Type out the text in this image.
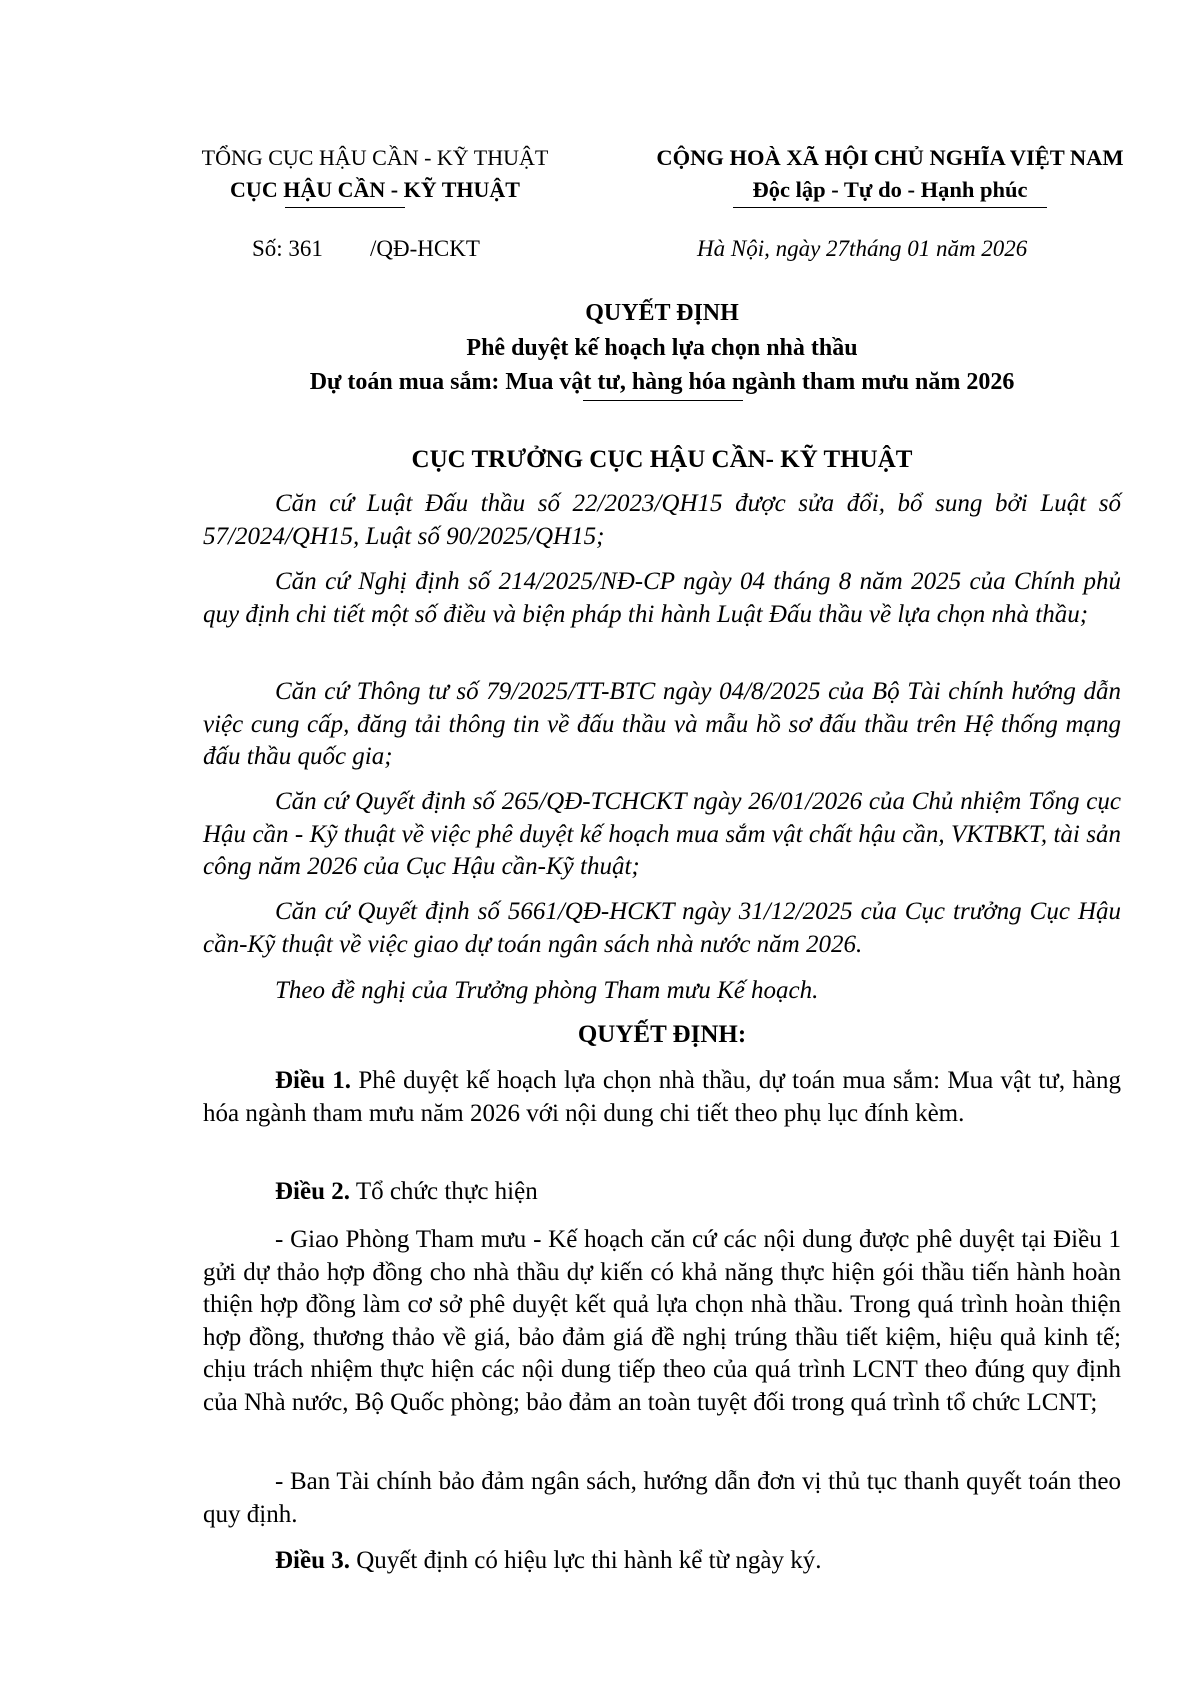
TỔNG CỤC HẬU CẦN - KỸ THUẬT
CỤC HẬU CẦN - KỸ THUẬT
CỘNG HOÀ XÃ HỘI CHỦ NGHĨA VIỆT NAM
Độc lập - Tự do - Hạnh phúc
Số: 361 /QĐ-HCKT	Hà Nội, ngày 27tháng 01 năm 2026
QUYẾT ĐỊNH
Phê duyệt kế hoạch lựa chọn nhà thầu
Dự toán mua sắm: Mua vật tư, hàng hóa ngành tham mưu năm 2026
CỤC TRƯỞNG CỤC HẬU CẦN- KỸ THUẬT
Căn cứ Luật Đấu thầu số 22/2023/QH15 được sửa đổi, bổ sung bởi Luật số 57/2024/QH15, Luật số 90/2025/QH15;
Căn cứ Nghị định số 214/2025/NĐ-CP ngày 04 tháng 8 năm 2025 của Chính phủ quy định chi tiết một số điều và biện pháp thi hành Luật Đấu thầu về lựa chọn nhà thầu;
Căn cứ Thông tư số 79/2025/TT-BTC ngày 04/8/2025 của Bộ Tài chính hướng dẫn việc cung cấp, đăng tải thông tin về đấu thầu và mẫu hồ sơ đấu thầu trên Hệ thống mạng đấu thầu quốc gia;
Căn cứ Quyết định số 265/QĐ-TCHCKT ngày 26/01/2026 của Chủ nhiệm Tổng cục Hậu cần - Kỹ thuật về việc phê duyệt kế hoạch mua sắm vật chất hậu cần, VKTBKT, tài sản công năm 2026 của Cục Hậu cần-Kỹ thuật;
Căn cứ Quyết định số 5661/QĐ-HCKT ngày 31/12/2025 của Cục trưởng Cục Hậu cần-Kỹ thuật về việc giao dự toán ngân sách nhà nước năm 2026.
Theo đề nghị của Trưởng phòng Tham mưu Kế hoạch.
QUYẾT ĐỊNH:
Điều 1. Phê duyệt kế hoạch lựa chọn nhà thầu, dự toán mua sắm: Mua vật tư, hàng hóa ngành tham mưu năm 2026 với nội dung chi tiết theo phụ lục đính kèm.
Điều 2. Tổ chức thực hiện
- Giao Phòng Tham mưu - Kế hoạch căn cứ các nội dung được phê duyệt tại Điều 1 gửi dự thảo hợp đồng cho nhà thầu dự kiến có khả năng thực hiện gói thầu tiến hành hoàn thiện hợp đồng làm cơ sở phê duyệt kết quả lựa chọn nhà thầu. Trong quá trình hoàn thiện hợp đồng, thương thảo về giá, bảo đảm giá đề nghị trúng thầu tiết kiệm, hiệu quả kinh tế; chịu trách nhiệm thực hiện các nội dung tiếp theo của quá trình LCNT theo đúng quy định của Nhà nước, Bộ Quốc phòng; bảo đảm an toàn tuyệt đối trong quá trình tổ chức LCNT;
- Ban Tài chính bảo đảm ngân sách, hướng dẫn đơn vị thủ tục thanh quyết toán theo quy định.
Điều 3. Quyết định có hiệu lực thi hành kể từ ngày ký.
